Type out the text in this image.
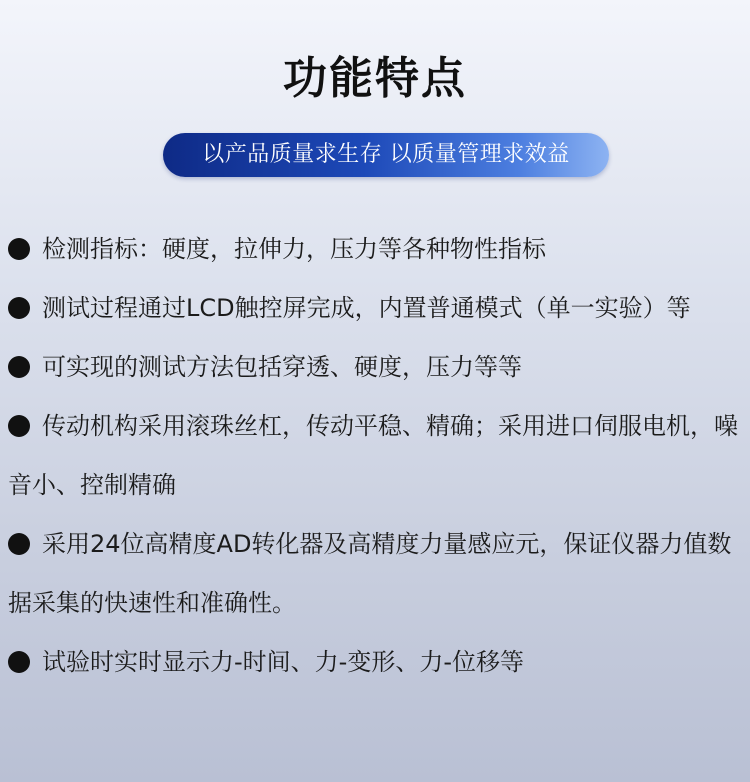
功能特点
以产品质量求生存 以质量管理求效益
检测指标：硬度，拉伸力，压力等各种物性指标
测试过程通过LCD触控屏完成，内置普通模式（单一实验）等
可实现的测试方法包括穿透、硬度，压力等等
传动机构采用滚珠丝杠，传动平稳、精确；采用进口伺服电机，噪音小、控制精确
采用24位高精度AD转化器及高精度力量感应元，保证仪器力值数据采集的快速性和准确性。
试验时实时显示力-时间、力-变形、力-位移等
